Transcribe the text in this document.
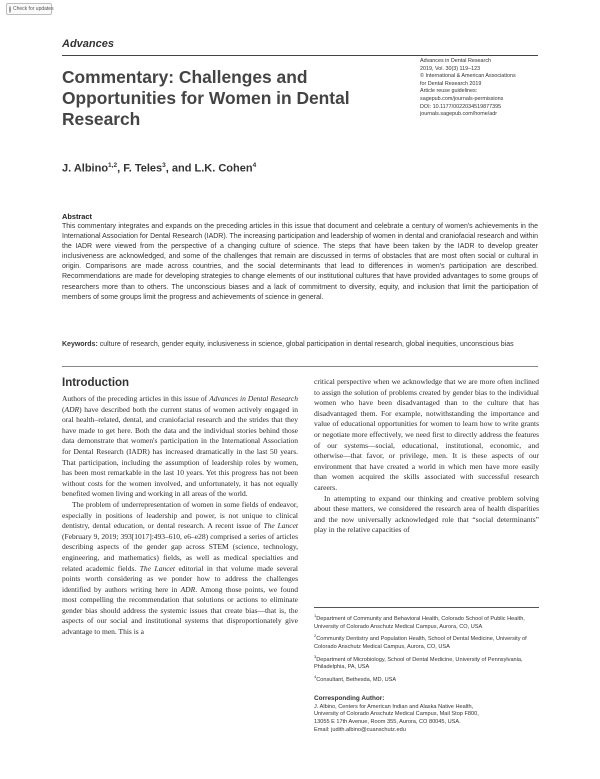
Check for updates
Advances
Commentary: Challenges and Opportunities for Women in Dental Research
Advances in Dental Research
2019, Vol. 30(3) 119–123
© International & American Associations
for Dental Research 2019
Article reuse guidelines:
sagepub.com/journals-permissions
DOI: 10.1177/0022034519877395
journals.sagepub.com/home/adr
J. Albino$^{1,2}$, F. Teles$^3$, and L.K. Cohen$^4$
Abstract

This commentary integrates and expands on the preceding articles in this issue that document and celebrate a century of women's achievements in the International Association for Dental Research (IADR). The increasing participation and leadership of women in dental and craniofacial research and within the IADR were viewed from the perspective of a changing culture of science. The steps that have been taken by the IADR to develop greater inclusiveness are acknowledged, and some of the challenges that remain are discussed in terms of obstacles that are most often social or cultural in origin. Comparisons are made across countries, and the social determinants that lead to differences in women's participation are described. Recommendations are made for developing strategies to change elements of our institutional cultures that have provided advantages to some groups of researchers more than to others. The unconscious biases and a lack of commitment to diversity, equity, and inclusion that limit the participation of members of some groups limit the progress and achievements of science in general.

Keywords: culture of research, gender equity, inclusiveness in science, global participation in dental research, global inequities, unconscious bias

Introduction

Authors of the preceding articles in this issue of Advances in Dental Research (ADR) have described both the current status of women actively engaged in oral health–related, dental, and craniofacial research and the strides that they have made to get here. Both the data and the individual stories behind those data demonstrate that women's participation in the International Association for Dental Research (IADR) has increased dramatically in the last 50 years. That participation, including the assumption of leadership roles by women, has been most remarkable in the last 10 years. Yet this progress has not been without costs for the women involved, and unfortunately, it has not equally benefited women living and working in all areas of the world.

The problem of underrepresentation of women in some fields of endeavor, especially in positions of leadership and power, is not unique to clinical dentistry, dental education, or dental research. A recent issue of The Lancet (February 9, 2019; 393[1017]:493–610, e6–e28) comprised a series of articles describing aspects of the gender gap across STEM (science, technology, engineering, and mathematics) fields, as well as medical specialties and related academic fields. The Lancet editorial in that volume made several points worth considering as we ponder how to address the challenges identified by authors writing here in ADR. Among those points, we found most compelling the recommendation that solutions or actions to eliminate gender bias should address the systemic issues that create bias—that is, the aspects of our social and institutional systems that disproportionately give advantage to men. This is a

critical perspective when we acknowledge that we are more often inclined to assign the solution of problems created by gender bias to the individual women who have been disadvantaged than to the culture that has disadvantaged them. For example, notwithstanding the importance and value of educational opportunities for women to learn how to write grants or negotiate more effectively, we need first to directly address the features of our systems—social, educational, institutional, economic, and otherwise—that favor, or privilege, men. It is these aspects of our environment that have created a world in which men have more easily than women acquired the skills associated with successful research careers.

In attempting to expand our thinking and creative problem solving about these matters, we considered the research area of health disparities and the now universally acknowledged role that “social determinants” play in the relative capacities of

$^1$Department of Community and Behavioral Health, Colorado School of Public Health, University of Colorado Anschutz Medical Campus, Aurora, CO, USA
$^2$Community Dentistry and Population Health, School of Dental Medicine, University of Colorado Anschutz Medical Campus, Aurora, CO, USA
$^3$Department of Microbiology, School of Dental Medicine, University of Pennsylvania, Philadelphia, PA, USA
$^4$Consultant, Bethesda, MD, USA
Corresponding Author:
J. Albino, Centers for American Indian and Alaska Native Health,
University of Colorado Anschutz Medical Campus, Mail Stop F800,
13055 E 17th Avenue, Room 355, Aurora, CO 80045, USA.
Email: judith.albino@cuanschutz.edu
